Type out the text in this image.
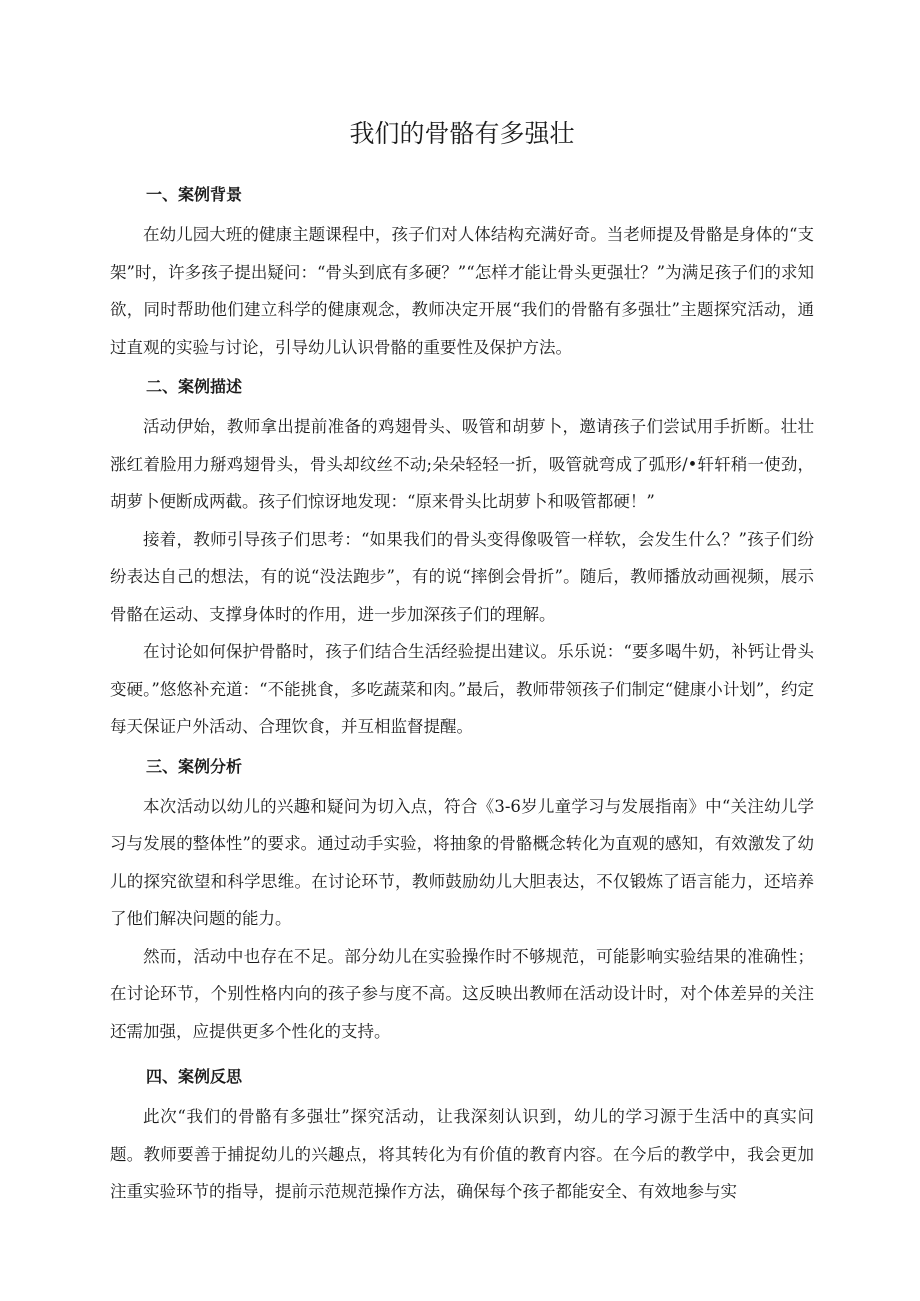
我们的骨骼有多强壮
一、案例背景

在幼儿园大班的健康主题课程中，孩子们对人体结构充满好奇。当老师提及骨骼是身体的“支架”时，许多孩子提出疑问：“骨头到底有多硬？”“怎样才能让骨头更强壮？”为满足孩子们的求知欲，同时帮助他们建立科学的健康观念，教师决定开展“我们的骨骼有多强壮”主题探究活动，通过直观的实验与讨论，引导幼儿认识骨骼的重要性及保护方法。

二、案例描述

活动伊始，教师拿出提前准备的鸡翅骨头、吸管和胡萝卜，邀请孩子们尝试用手折断。壮壮涨红着脸用力掰鸡翅骨头，骨头却纹丝不动;朵朵轻轻一折，吸管就弯成了弧形/•轩轩稍一使劲，胡萝卜便断成两截。孩子们惊讶地发现：“原来骨头比胡萝卜和吸管都硬！”

接着，教师引导孩子们思考：“如果我们的骨头变得像吸管一样软，会发生什么？”孩子们纷纷表达自己的想法，有的说“没法跑步”，有的说“摔倒会骨折”。随后，教师播放动画视频，展示骨骼在运动、支撑身体时的作用，进一步加深孩子们的理解。

在讨论如何保护骨骼时，孩子们结合生活经验提出建议。乐乐说：“要多喝牛奶，补钙让骨头变硬。”悠悠补充道：“不能挑食，多吃蔬菜和肉。”最后，教师带领孩子们制定“健康小计划”，约定每天保证户外活动、合理饮食，并互相监督提醒。

三、案例分析

本次活动以幼儿的兴趣和疑问为切入点，符合《3-6岁儿童学习与发展指南》中“关注幼儿学习与发展的整体性”的要求。通过动手实验，将抽象的骨骼概念转化为直观的感知，有效激发了幼儿的探究欲望和科学思维。在讨论环节，教师鼓励幼儿大胆表达，不仅锻炼了语言能力，还培养了他们解决问题的能力。

然而，活动中也存在不足。部分幼儿在实验操作时不够规范，可能影响实验结果的准确性；在讨论环节，个别性格内向的孩子参与度不高。这反映出教师在活动设计时，对个体差异的关注还需加强，应提供更多个性化的支持。

四、案例反思

此次“我们的骨骼有多强壮”探究活动，让我深刻认识到，幼儿的学习源于生活中的真实问题。教师要善于捕捉幼儿的兴趣点，将其转化为有价值的教育内容。在今后的教学中，我会更加注重实验环节的指导，提前示范规范操作方法，确保每个孩子都能安全、有效地参与实
